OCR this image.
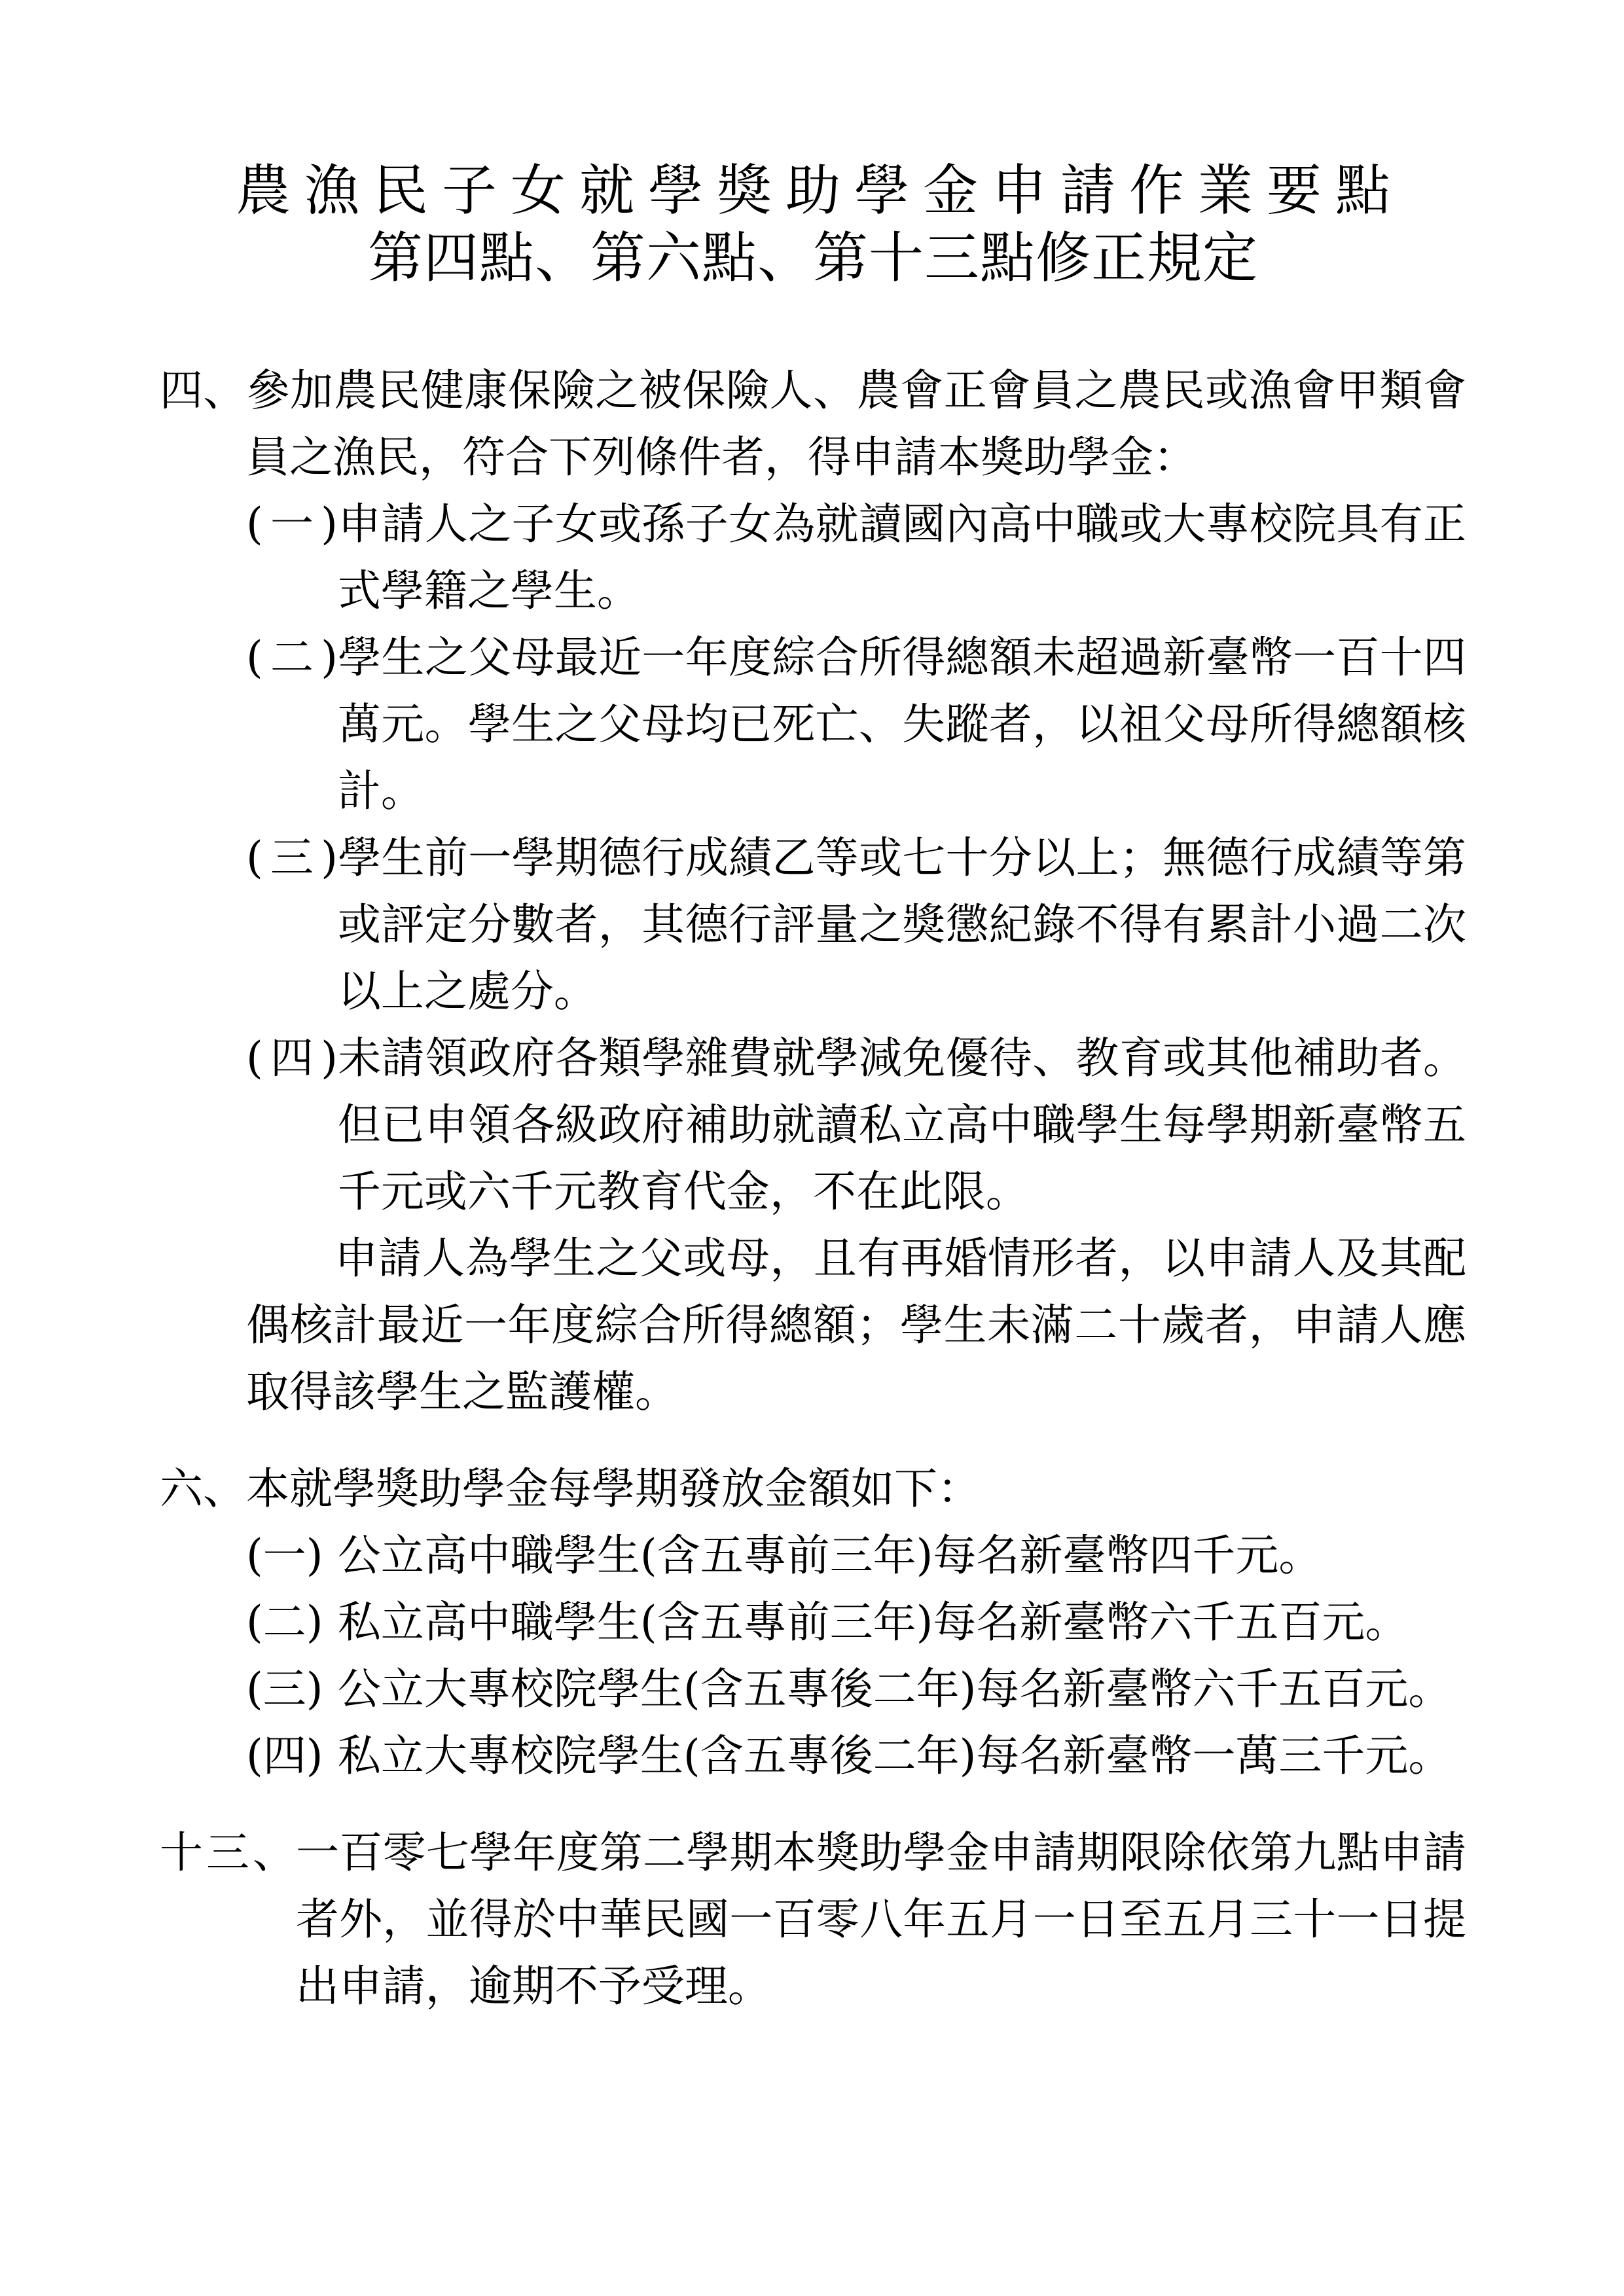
農漁民子女就學獎助學金申請作業要點
第四點、第六點、第十三點修正規定
四、參加農民健康保險之被保險人、農會正會員之農民或漁會甲類會
員之漁民，符合下列條件者，得申請本獎助學金：
(一)申請人之子女或孫子女為就讀國內高中職或大專校院具有正
式學籍之學生。
(二)學生之父母最近一年度綜合所得總額未超過新臺幣一百十四
萬元。學生之父母均已死亡、失蹤者，以祖父母所得總額核
計。
(三)學生前一學期德行成績乙等或七十分以上；無德行成績等第
或評定分數者，其德行評量之獎懲紀錄不得有累計小過二次
以上之處分。
(四)未請領政府各類學雜費就學減免優待、教育或其他補助者。
但已申領各級政府補助就讀私立高中職學生每學期新臺幣五
千元或六千元教育代金，不在此限。
申請人為學生之父或母，且有再婚情形者，以申請人及其配
偶核計最近一年度綜合所得總額；學生未滿二十歲者，申請人應
取得該學生之監護權。
六、本就學獎助學金每學期發放金額如下：
(一) 公立高中職學生(含五專前三年)每名新臺幣四千元。
(二) 私立高中職學生(含五專前三年)每名新臺幣六千五百元。
(三) 公立大專校院學生(含五專後二年)每名新臺幣六千五百元。
(四) 私立大專校院學生(含五專後二年)每名新臺幣一萬三千元。
十三、一百零七學年度第二學期本獎助學金申請期限除依第九點申請
者外，並得於中華民國一百零八年五月一日至五月三十一日提
出申請，逾期不予受理。
